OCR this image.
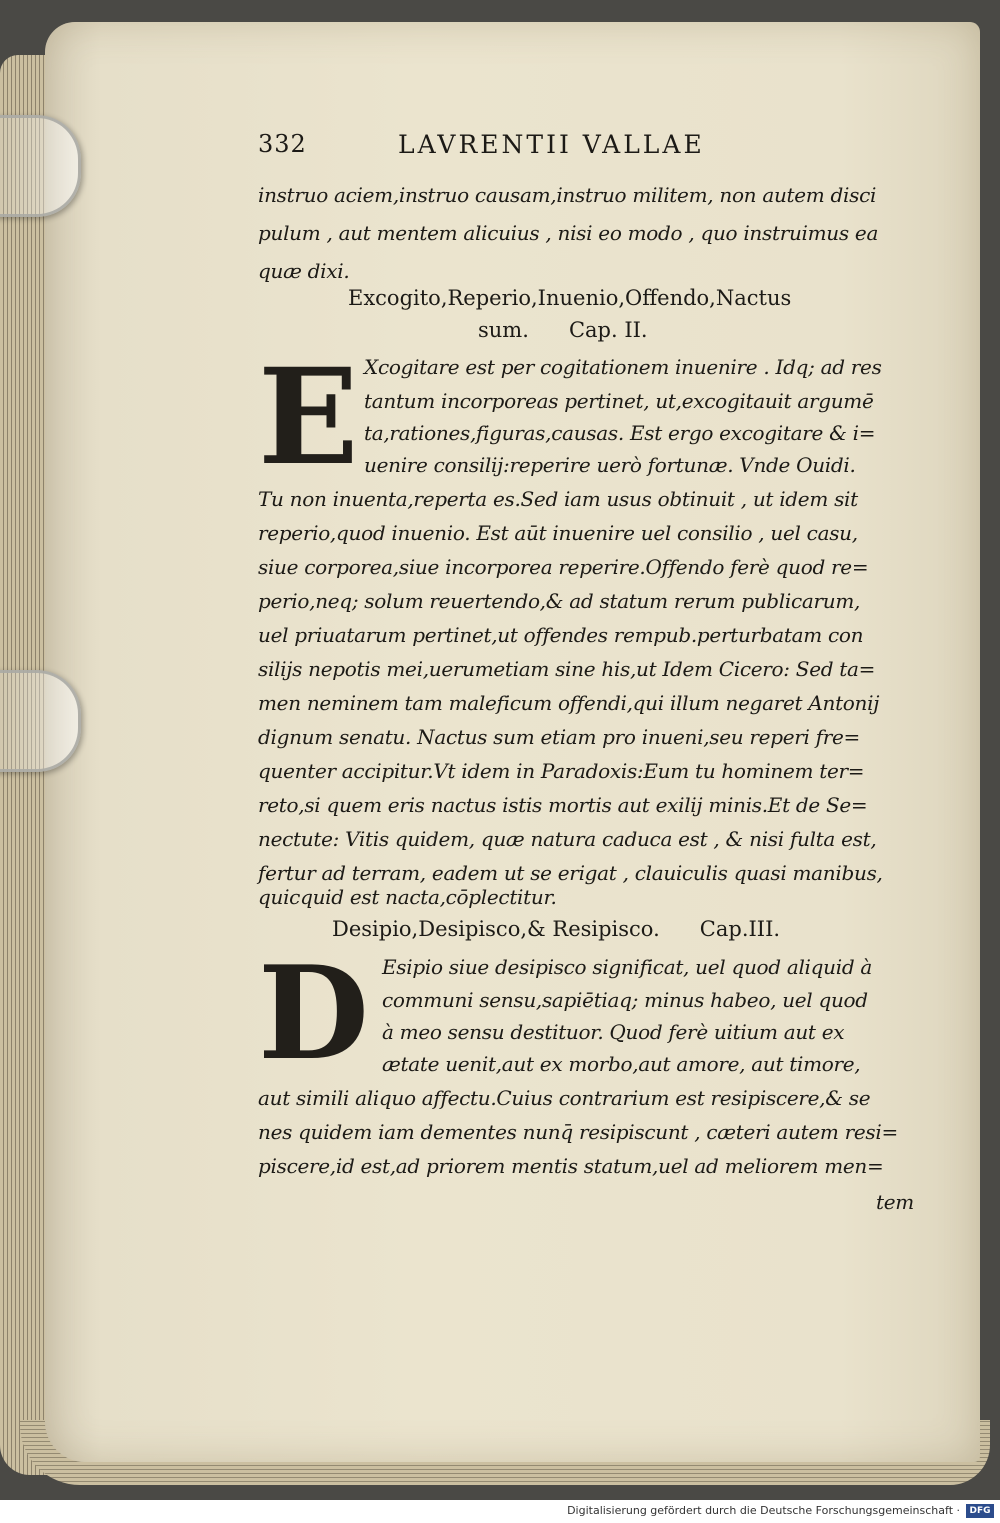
332	LAVRENTII VALLAE
instruo aciem,instruo causam,instruo militem, non autem disci
pulum , aut mentem alicuius , nisi eo modo , quo instruimus ea
quæ dixi.
Excogito,Reperio,Inuenio,Offendo,Nactus
sum.      Cap. II.
E Xcogitare est per cogitationem inuenire . Idq; ad res
tantum incorporeas pertinet, ut,excogitauit argumē
ta,rationes,figuras,causas. Est ergo excogitare & i=
uenire consilij:reperire uerò fortunæ. Vnde Ouidi.
Tu non inuenta,reperta es.Sed iam usus obtinuit , ut idem sit
reperio,quod inuenio. Est aūt inuenire uel consilio , uel casu,
siue corporea,siue incorporea reperire.Offendo ferè quod re=
perio,neq; solum reuertendo,& ad statum rerum publicarum,
uel priuatarum pertinet,ut offendes rempub.perturbatam con
silijs nepotis mei,uerumetiam sine his,ut Idem Cicero: Sed ta=
men neminem tam maleficum offendi,qui illum negaret Antonij
dignum senatu. Nactus sum etiam pro inueni,seu reperi fre=
quenter accipitur.Vt idem in Paradoxis:Eum tu hominem ter=
reto,si quem eris nactus istis mortis aut exilij minis.Et de Se=
nectute: Vitis quidem, quæ natura caduca est , & nisi fulta est,
fertur ad terram, eadem ut se erigat , clauiculis quasi manibus,
quicquid est nacta,cōplectitur.
Desipio,Desipisco,& Resipisco.      Cap.III.
D Esipio siue desipisco significat, uel quod aliquid à
communi sensu,sapiētiaq; minus habeo, uel quod
à meo sensu destituor. Quod ferè uitium aut ex
ætate uenit,aut ex morbo,aut amore, aut timore,
aut simili aliquo affectu.Cuius contrarium est resipiscere,& se
nes quidem iam dementes nunq̄ resipiscunt , cæteri autem resi=
piscere,id est,ad priorem mentis statum,uel ad meliorem men=
tem
Digitalisierung gefördert durch die Deutsche Forschungsgemeinschaft ·	DFG
